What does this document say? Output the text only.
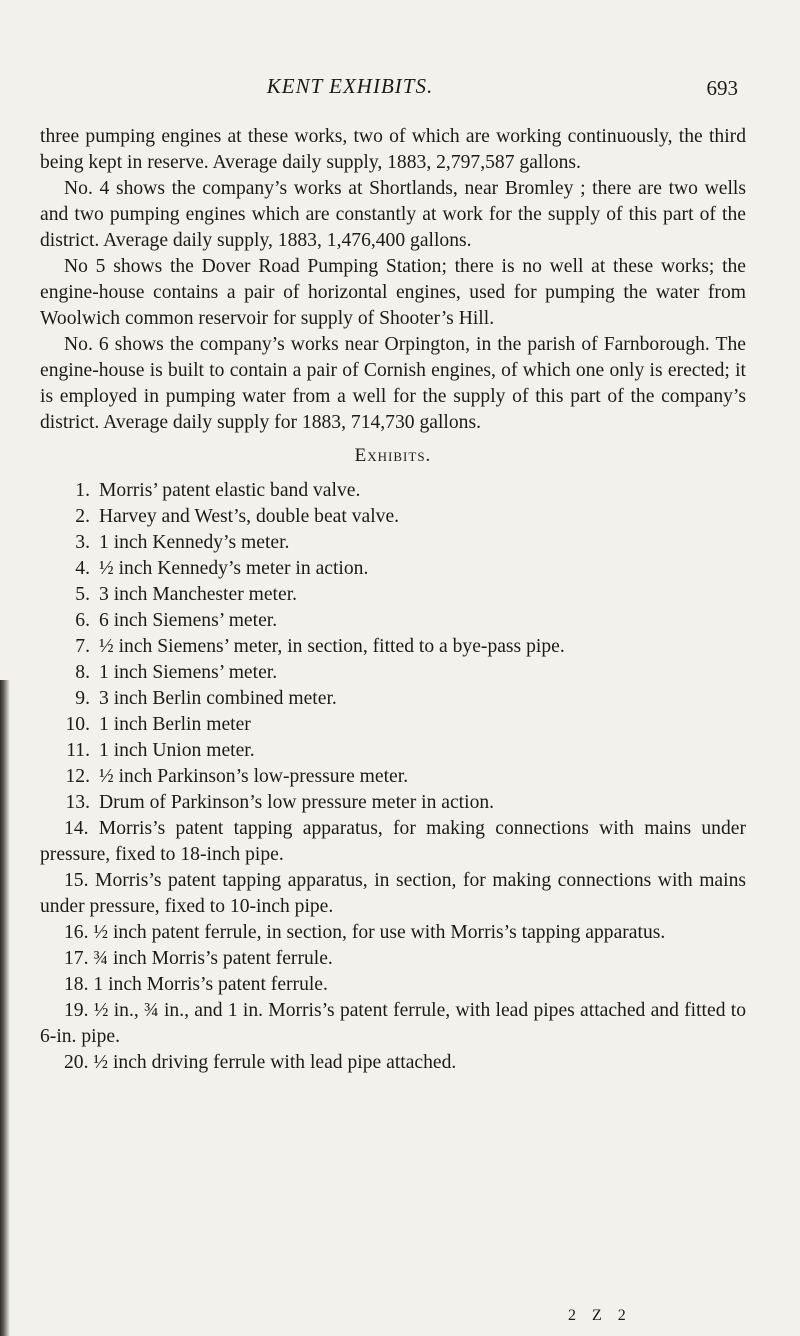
KENT EXHIBITS.	693

three pumping engines at these works, two of which are working continuously, the third being kept in reserve. Average daily supply, 1883, 2,797,587 gallons.

No. 4 shows the company’s works at Shortlands, near Bromley ; there are two wells and two pumping engines which are constantly at work for the supply of this part of the district. Average daily supply, 1883, 1,476,400 gallons.

No 5 shows the Dover Road Pumping Station; there is no well at these works; the engine-house contains a pair of horizontal engines, used for pumping the water from Woolwich common reservoir for supply of Shooter’s Hill.

No. 6 shows the company’s works near Orpington, in the parish of Farnborough. The engine-house is built to contain a pair of Cornish engines, of which one only is erected; it is employed in pumping water from a well for the supply of this part of the company’s district. Average daily supply for 1883, 714,730 gallons.

Exhibits.
1. Morris’ patent elastic band valve.
2. Harvey and West’s, double beat valve.
3. 1 inch Kennedy’s meter.
4. ½ inch Kennedy’s meter in action.
5. 3 inch Manchester meter.
6. 6 inch Siemens’ meter.
7. ½ inch Siemens’ meter, in section, fitted to a bye-pass pipe.
8. 1 inch Siemens’ meter.
9. 3 inch Berlin combined meter.
10. 1 inch Berlin meter
11. 1 inch Union meter.
12. ½ inch Parkinson’s low-pressure meter.
13. Drum of Parkinson’s low pressure meter in action.

14. Morris’s patent tapping apparatus, for making connections with mains under pressure, fixed to 18-inch pipe.

15. Morris’s patent tapping apparatus, in section, for making connections with mains under pressure, fixed to 10-inch pipe.

16. ½ inch patent ferrule, in section, for use with Morris’s tapping apparatus.

17. ¾ inch Morris’s patent ferrule.

18. 1 inch Morris’s patent ferrule.

19. ½ in., ¾ in., and 1 in. Morris’s patent ferrule, with lead pipes attached and fitted to 6-in. pipe.

20. ½ inch driving ferrule with lead pipe attached.

2 Z 2
